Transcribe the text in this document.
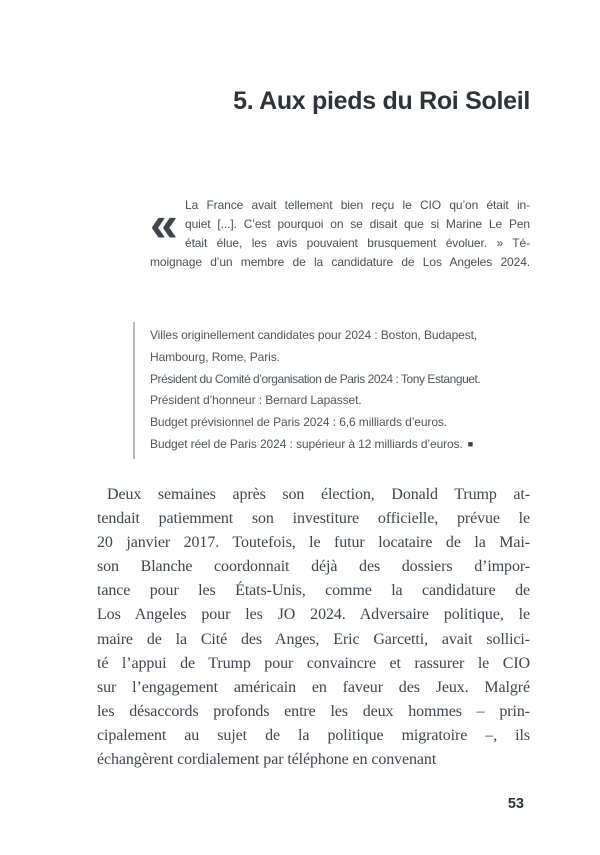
5. Aux pieds du Roi Soleil
« La France avait tellement bien reçu le CIO qu’on était in-
quiet [...]. C’est pourquoi on se disait que si Marine Le Pen
était élue, les avis pouvaient brusquement évoluer. » Té-
moignage d’un membre de la candidature de Los Angeles 2024.
Villes originellement candidates pour 2024 : Boston, Budapest,
Hambourg, Rome, Paris.
Président du Comité d’organisation de Paris 2024 : Tony Estanguet.
Président d’honneur : Bernard Lapasset.
Budget prévisionnel de Paris 2024 : 6,6 milliards d’euros.
Budget réel de Paris 2024 : supérieur à 12 milliards d’euros. ■
Deux semaines après son élection, Donald Trump at-
tendait patiemment son investiture officielle, prévue le
20 janvier 2017. Toutefois, le futur locataire de la Mai-
son Blanche coordonnait déjà des dossiers d’impor-
tance pour les États-Unis, comme la candidature de
Los Angeles pour les JO 2024. Adversaire politique, le
maire de la Cité des Anges, Eric Garcetti, avait sollici-
té l’appui de Trump pour convaincre et rassurer le CIO
sur l’engagement américain en faveur des Jeux. Malgré
les désaccords profonds entre les deux hommes – prin-
cipalement au sujet de la politique migratoire –, ils
échangèrent cordialement par téléphone en convenant
53
